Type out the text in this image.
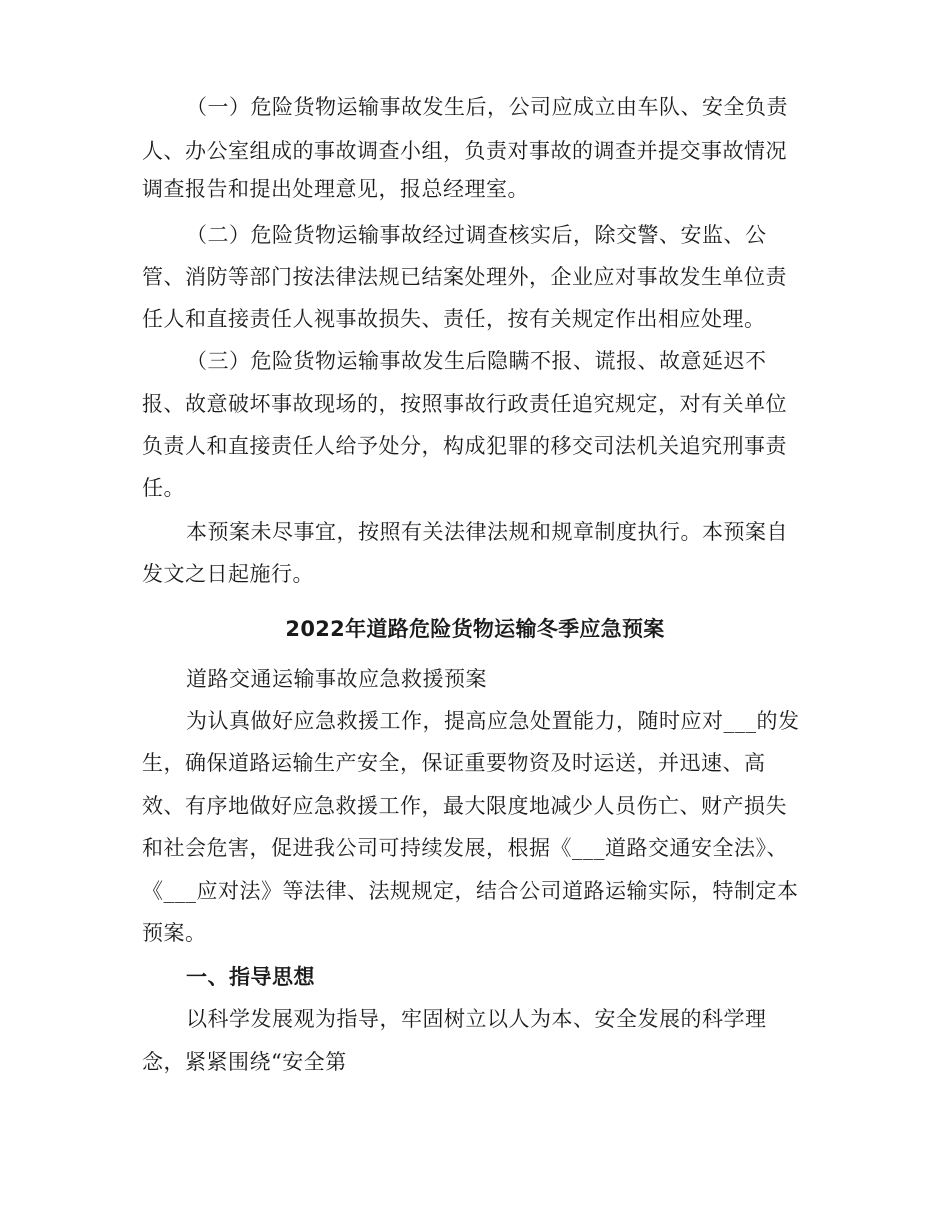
（一）危险货物运输事故发生后，公司应成立由车队、安全负责
人、办公室组成的事故调查小组，负责对事故的调查并提交事故情况
调查报告和提出处理意见，报总经理室。
（二）危险货物运输事故经过调查核实后，除交警、安监、公
管、消防等部门按法律法规已结案处理外，企业应对事故发生单位责
任人和直接责任人视事故损失、责任，按有关规定作出相应处理。
（三）危险货物运输事故发生后隐瞒不报、谎报、故意延迟不
报、故意破坏事故现场的，按照事故行政责任追究规定，对有关单位
负责人和直接责任人给予处分，构成犯罪的移交司法机关追究刑事责
任。
本预案未尽事宜，按照有关法律法规和规章制度执行。本预案自
发文之日起施行。
2022年道路危险货物运输冬季应急预案
道路交通运输事故应急救援预案
为认真做好应急救援工作，提高应急处置能力，随时应对___的发
生，确保道路运输生产安全，保证重要物资及时运送，并迅速、高
效、有序地做好应急救援工作，最大限度地减少人员伤亡、财产损失
和社会危害，促进我公司可持续发展，根据《___道路交通安全法》、
《___应对法》等法律、法规规定，结合公司道路运输实际，特制定本
预案。
一、指导思想
以科学发展观为指导，牢固树立以人为本、安全发展的科学理
念，紧紧围绕“安全第
